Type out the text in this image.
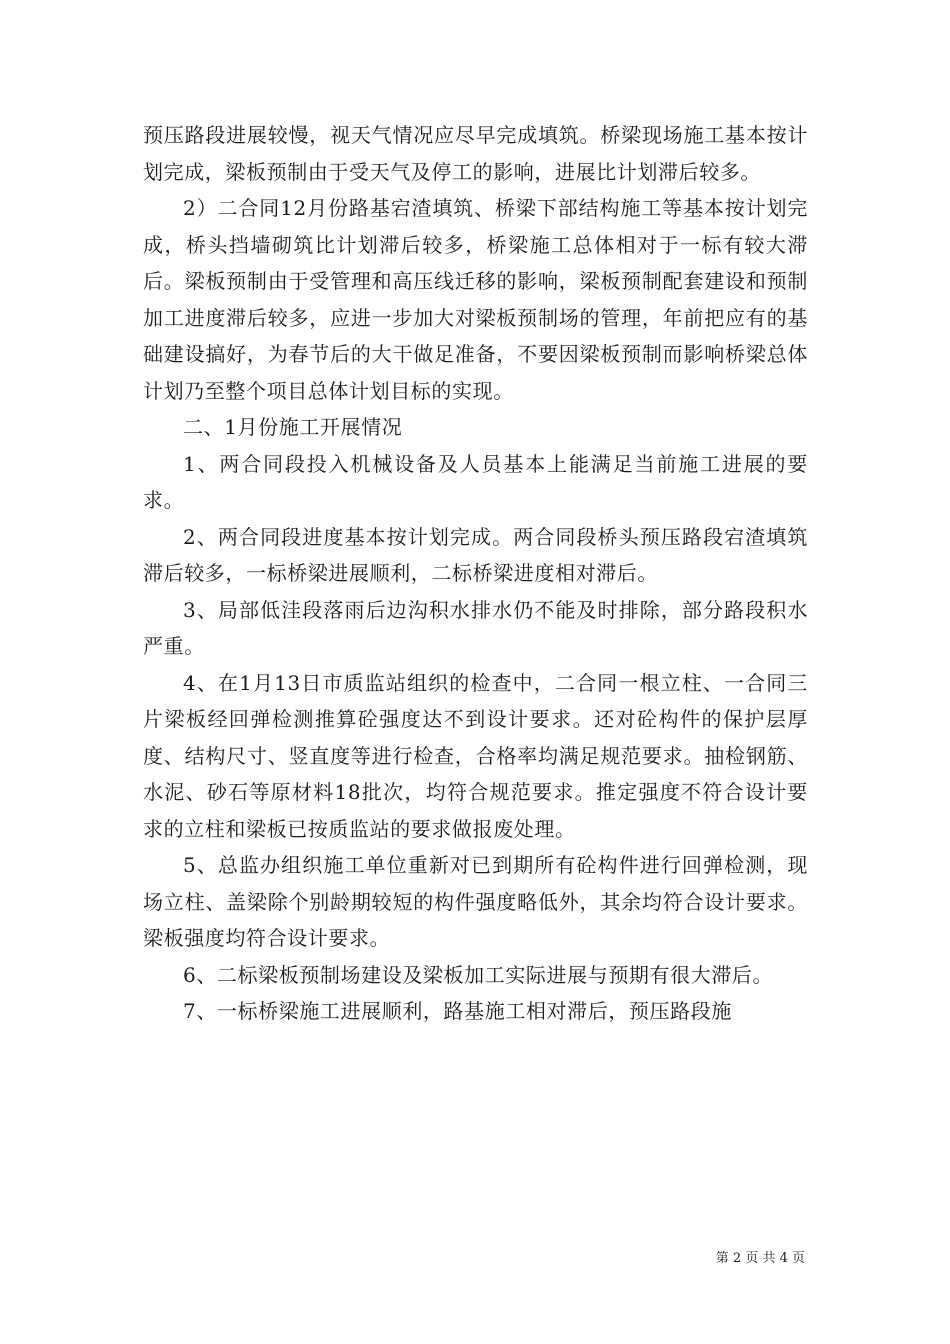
预压路段进展较慢，视天气情况应尽早完成填筑。桥梁现场施工基本按计划完成，梁板预制由于受天气及停工的影响，进展比计划滞后较多。

2）二合同12月份路基宕渣填筑、桥梁下部结构施工等基本按计划完成，桥头挡墙砌筑比计划滞后较多，桥梁施工总体相对于一标有较大滞后。梁板预制由于受管理和高压线迁移的影响，梁板预制配套建设和预制加工进度滞后较多，应进一步加大对梁板预制场的管理，年前把应有的基础建设搞好，为春节后的大干做足准备，不要因梁板预制而影响桥梁总体计划乃至整个项目总体计划目标的实现。

二、1月份施工开展情况

1、两合同段投入机械设备及人员基本上能满足当前施工进展的要求。

2、两合同段进度基本按计划完成。两合同段桥头预压路段宕渣填筑滞后较多，一标桥梁进展顺利，二标桥梁进度相对滞后。

3、局部低洼段落雨后边沟积水排水仍不能及时排除，部分路段积水严重。

4、在1月13日市质监站组织的检查中，二合同一根立柱、一合同三片梁板经回弹检测推算砼强度达不到设计要求。还对砼构件的保护层厚度、结构尺寸、竖直度等进行检查，合格率均满足规范要求。抽检钢筋、水泥、砂石等原材料18批次，均符合规范要求。推定强度不符合设计要求的立柱和梁板已按质监站的要求做报废处理。

5、总监办组织施工单位重新对已到期所有砼构件进行回弹检测，现场立柱、盖梁除个别龄期较短的构件强度略低外，其余均符合设计要求。梁板强度均符合设计要求。

6、二标梁板预制场建设及梁板加工实际进展与预期有很大滞后。

7、一标桥梁施工进展顺利，路基施工相对滞后，预压路段施

第 2 页 共 4 页
